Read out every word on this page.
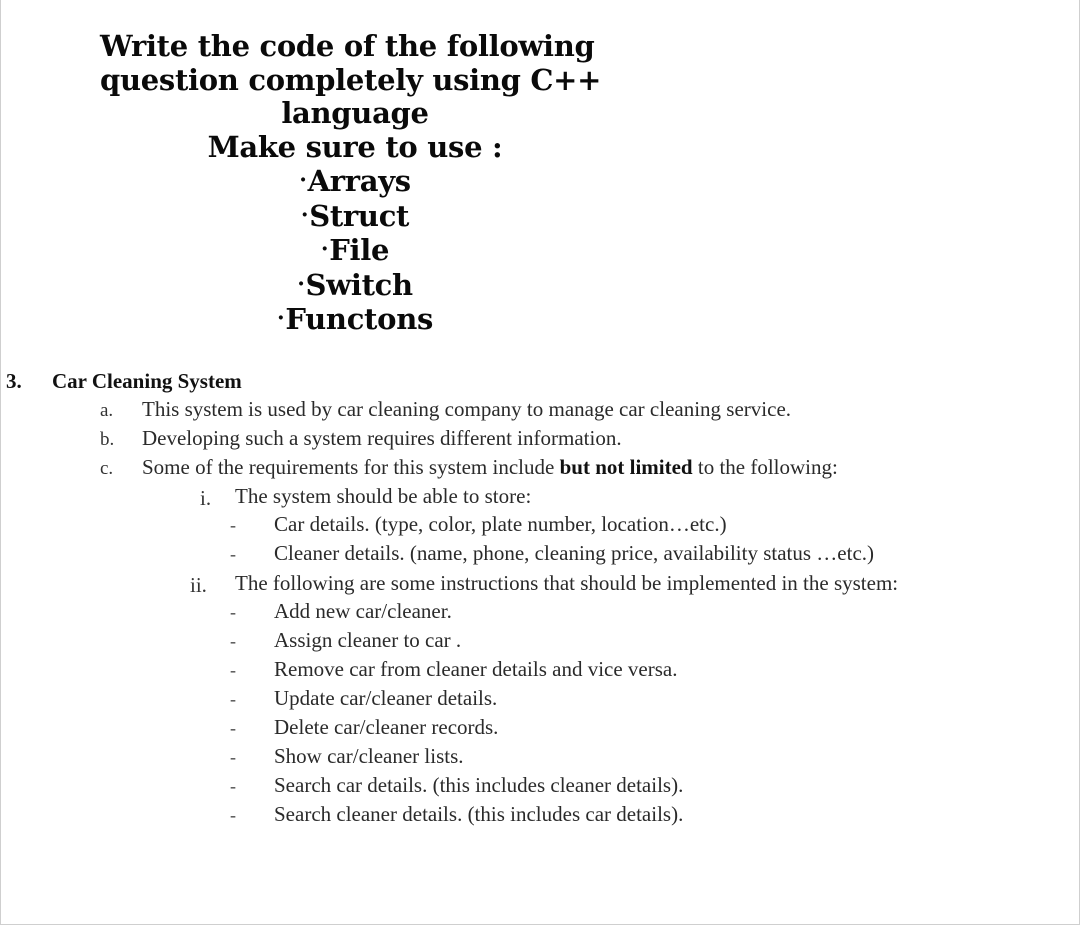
Write the code of the following
question completely using C++
language
Make sure to use :
·Arrays
·Struct
·File
·Switch
·Functons
3. Car Cleaning System
a. This system is used by car cleaning company to manage car cleaning service.
b. Developing such a system requires different information.
c. Some of the requirements for this system include but not limited to the following:
i. The system should be able to store:
- Car details. (type, color, plate number, location…etc.)
- Cleaner details. (name, phone, cleaning price, availability status …etc.)
ii. The following are some instructions that should be implemented in the system:
- Add new car/cleaner.
- Assign cleaner to car .
- Remove car from cleaner details and vice versa.
- Update car/cleaner details.
- Delete car/cleaner records.
- Show car/cleaner lists.
- Search car details. (this includes cleaner details).
- Search cleaner details. (this includes car details).
